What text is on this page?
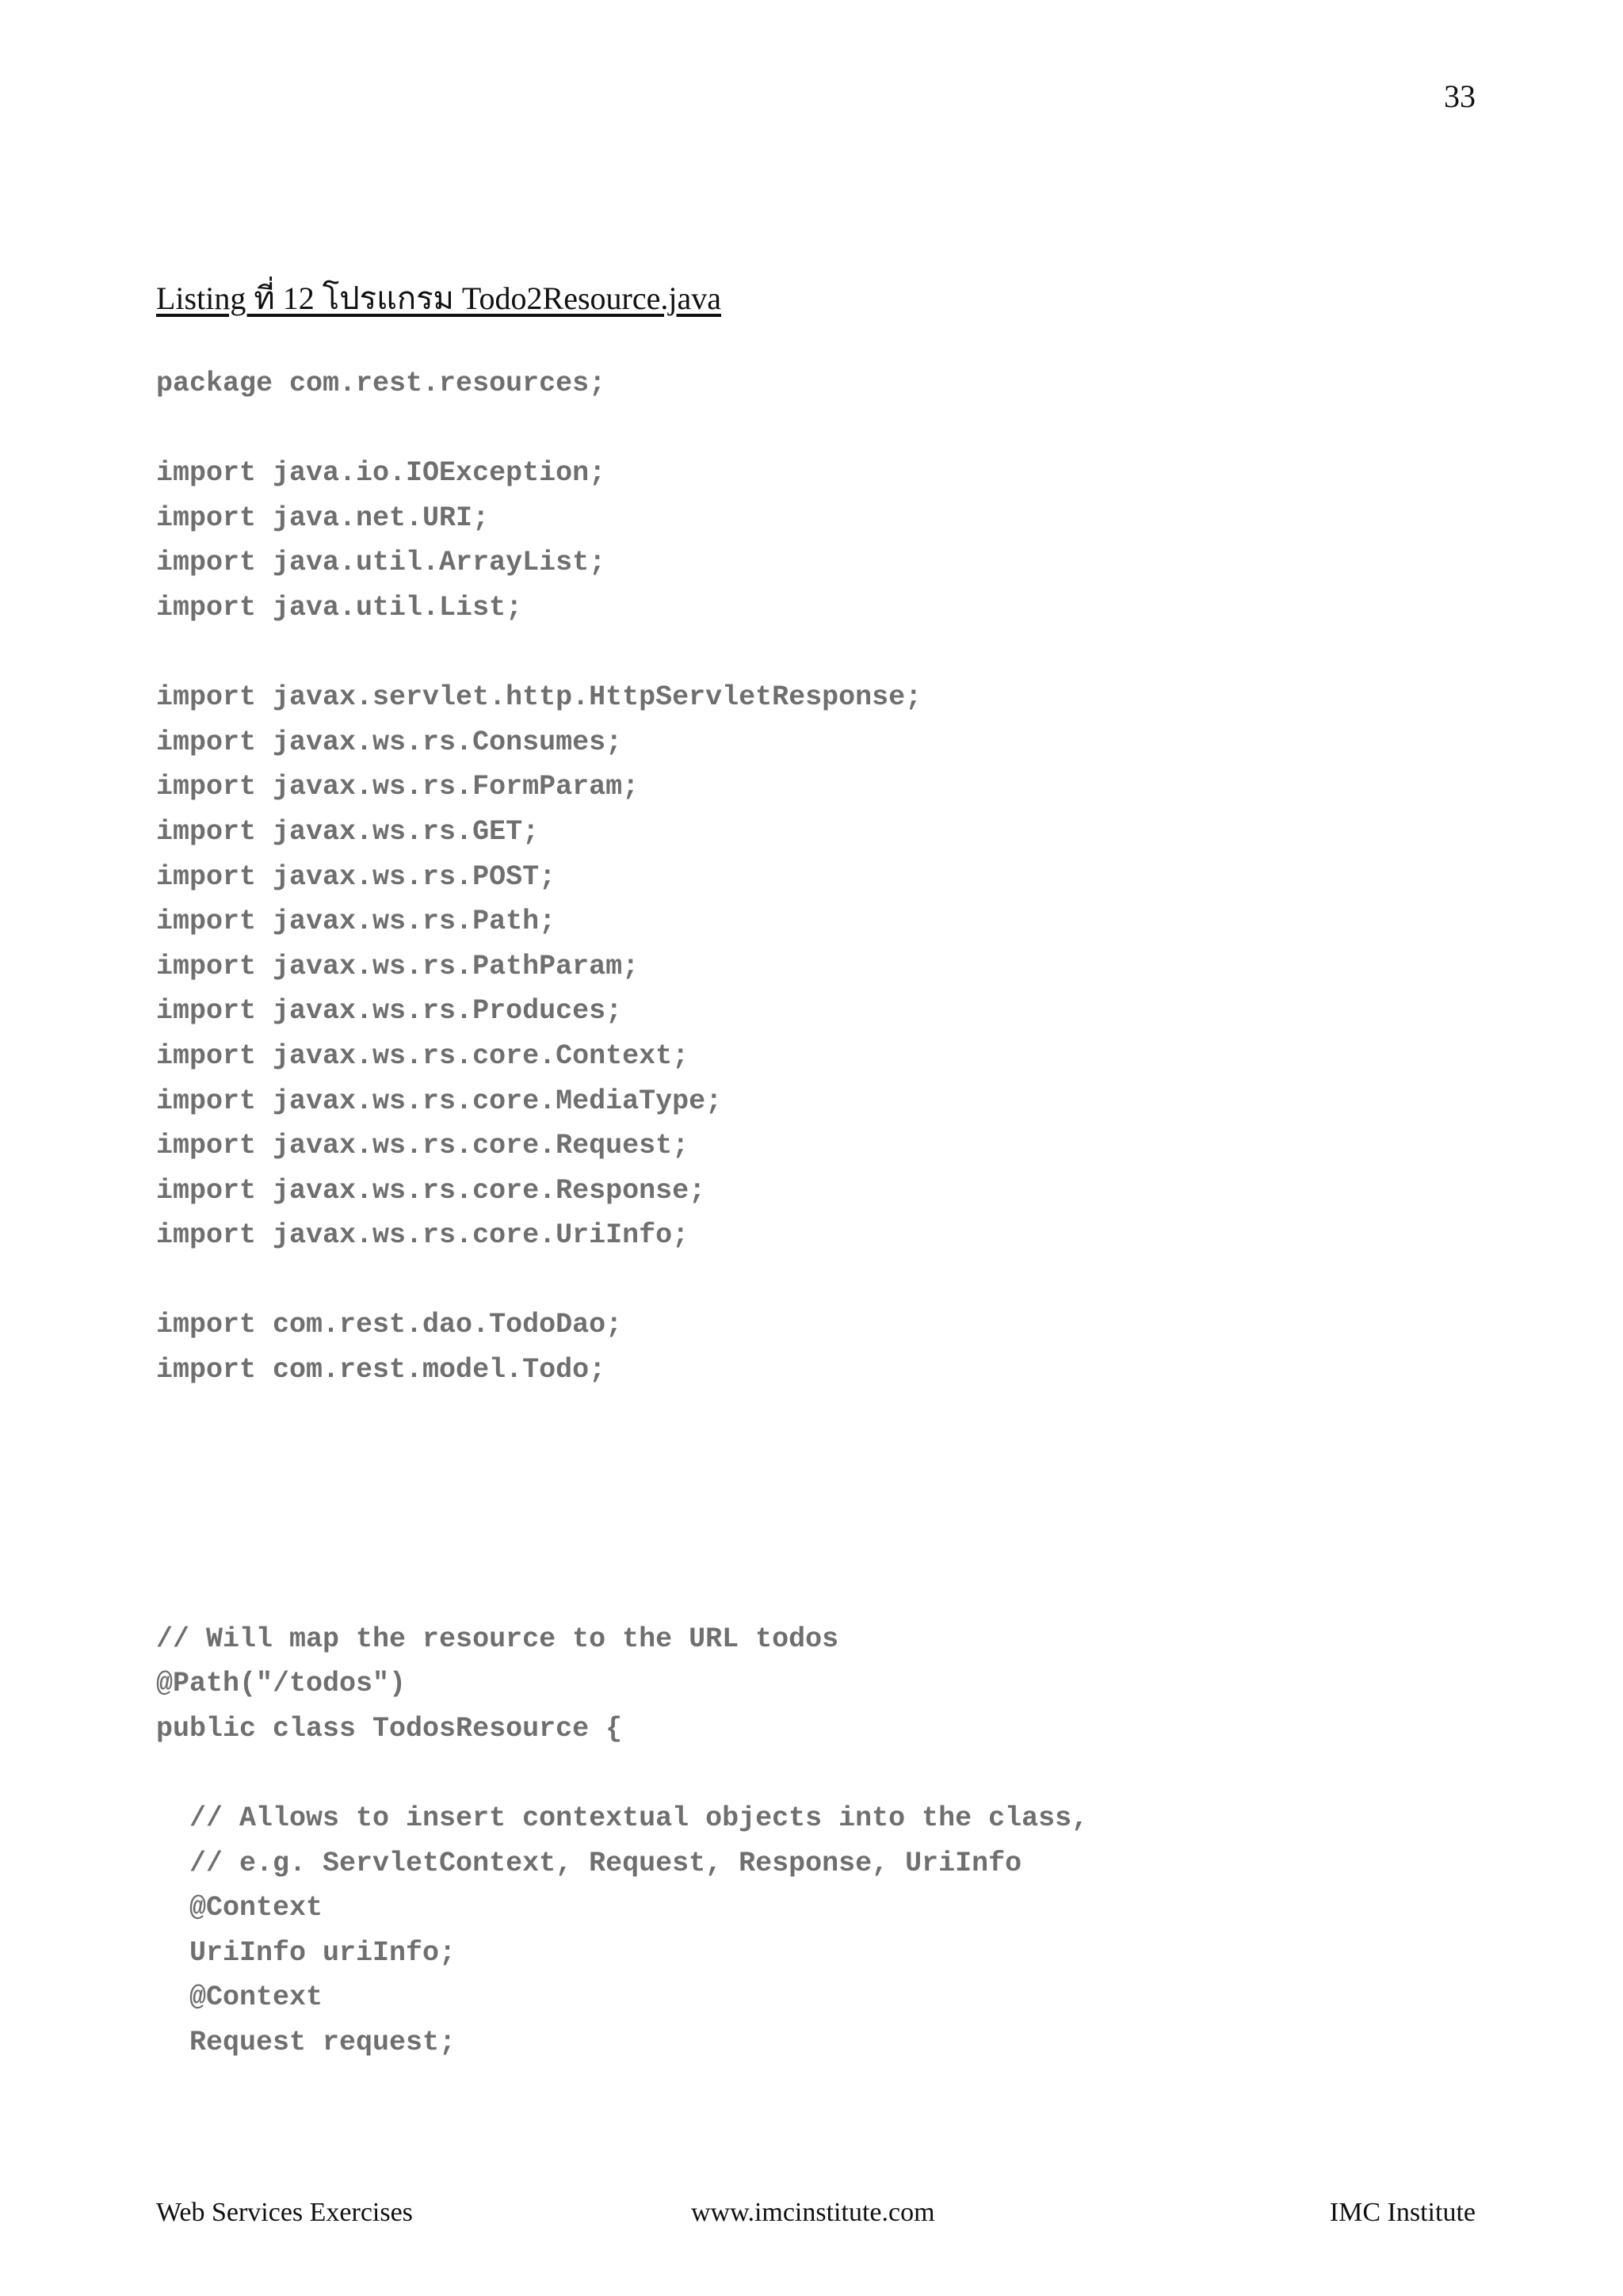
33
Listing ที่ 12 โปรแกรม Todo2Resource.java
package com.rest.resources;
import java.io.IOException;
import java.net.URI;
import java.util.ArrayList;
import java.util.List;
import javax.servlet.http.HttpServletResponse;
import javax.ws.rs.Consumes;
import javax.ws.rs.FormParam;
import javax.ws.rs.GET;
import javax.ws.rs.POST;
import javax.ws.rs.Path;
import javax.ws.rs.PathParam;
import javax.ws.rs.Produces;
import javax.ws.rs.core.Context;
import javax.ws.rs.core.MediaType;
import javax.ws.rs.core.Request;
import javax.ws.rs.core.Response;
import javax.ws.rs.core.UriInfo;
import com.rest.dao.TodoDao;
import com.rest.model.Todo;
// Will map the resource to the URL todos
@Path("/todos")
public class TodosResource {
// Allows to insert contextual objects into the class,
// e.g. ServletContext, Request, Response, UriInfo
@Context
UriInfo uriInfo;
@Context
Request request;
Web Services Exercises	www.imcinstitute.com	IMC Institute
